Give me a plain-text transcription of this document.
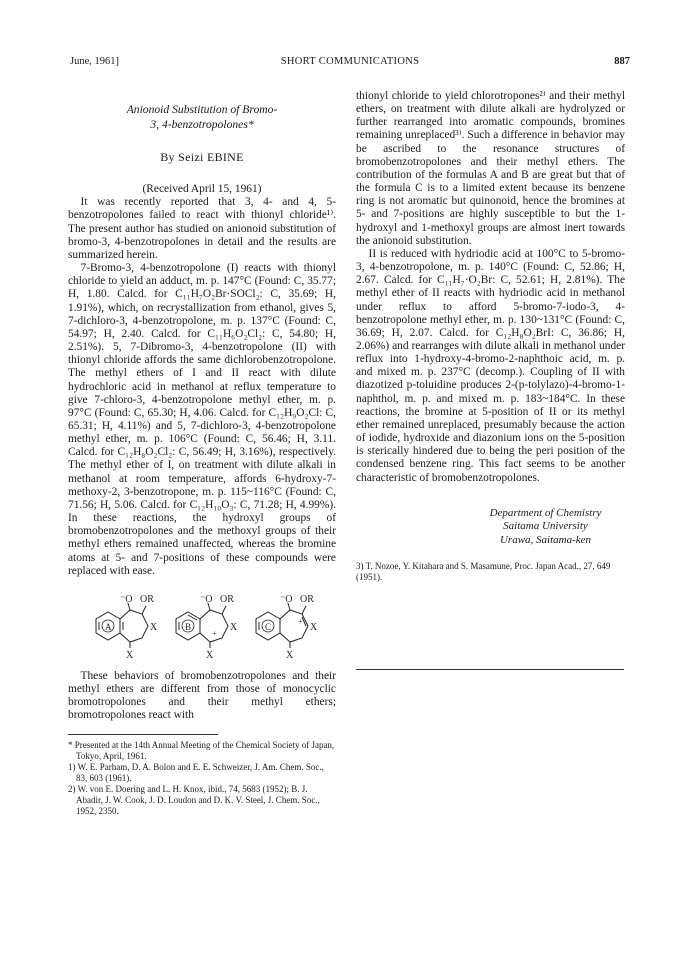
June, 1961]	SHORT COMMUNICATIONS	887
Anionoid Substitution of Bromo-
3, 4-benzotropolones*
By Seizi EBINE
(Received April 15, 1961)

It was recently reported that 3, 4- and 4, 5-benzotropolones failed to react with thionyl chloride¹⁾. The present author has studied on anionoid substitution of bromo-3, 4-benzotropolones in detail and the results are summarized herein.

7-Bromo-3, 4-benzotropolone (I) reacts with thionyl chloride to yield an adduct, m. p. 147°C (Found: C, 35.77; H, 1.80. Calcd. for C₁₁H₇O₂Br·SOCl₂: C, 35.69; H, 1.91%), which, on recrystallization from ethanol, gives 5, 7-dichloro-3, 4-benzotropolone, m. p. 137°C (Found: C, 54.97; H, 2.40. Calcd. for C₁₁H₆O₂Cl₂: C, 54.80; H, 2.51%). 5, 7-Dibromo-3, 4-benzotropolone (II) with thionyl chloride affords the same dichlorobenzotropolone. The methyl ethers of I and II react with dilute hydrochloric acid in methanol at reflux temperature to give 7-chloro-3, 4-benzotropolone methyl ether, m. p. 97°C (Found: C, 65.30; H, 4.06. Calcd. for C₁₂H₉O₂Cl: C, 65.31; H, 4.11%) and 5, 7-dichloro-3, 4-benzotropolone methyl ether, m. p. 106°C (Found: C, 56.46; H, 3.11. Calcd. for C₁₂H₈O₂Cl₂: C, 56.49; H, 3.16%), respectively. The methyl ether of I, on treatment with dilute alkali in methanol at room temperature, affords 6-hydroxy-7-methoxy-2, 3-benzotropone, m. p. 115~116°C (Found: C, 71.56; H, 5.06. Calcd. for C₁₂H₁₀O₃: C, 71.28; H, 4.99%). In these reactions, the hydroxyl groups of bromobenzotropolones and the methoxyl groups of their methyl ethers remained unaffected, whereas the bromine atoms at 5- and 7-positions of these compounds were replaced with ease.

A
⁻O OR
X
X
B
+
⁻O OR
X
X
C
+
⁻O OR
X
X

These behaviors of bromobenzotropolones and their methyl ethers are different from those of monocyclic bromotropolones and their methyl ethers; bromotropolones react with

* Presented at the 14th Annual Meeting of the Chemical Society of Japan, Tokyo, April, 1961.

1) W. E. Parham, D. A. Bolon and E. E. Schweizer, J. Am. Chem. Soc., 83, 603 (1961).

2) W. von E. Doering and L. H. Knox, ibid., 74, 5683 (1952); B. J. Abadir, J. W. Cook, J. D. Loudon and D. K. V. Steel, J. Chem. Soc., 1952, 2350.

thionyl chloride to yield chlorotropones²⁾ and their methyl ethers, on treatment with dilute alkali are hydrolyzed or further rearranged into aromatic compounds, bromines remaining unreplaced³⁾. Such a difference in behavior may be ascribed to the resonance structures of bromobenzotropolones and their methyl ethers. The contribution of the formulas A and B are great but that of the formula C is to a limited extent because its benzene ring is not aromatic but quinonoid, hence the bromines at 5- and 7-positions are highly susceptible to but the 1-hydroxyl and 1-methoxyl groups are almost inert towards the anionoid substitution.

II is reduced with hydriodic acid at 100°C to 5-bromo-3, 4-benzotropolone, m. p. 140°C (Found: C, 52.86; H, 2.67. Calcd. for C₁₁H₇·O₂Br: C, 52.61; H, 2.81%). The methyl ether of II reacts with hydriodic acid in methanol under reflux to afford 5-bromo-7-iodo-3, 4-benzotropolone methyl ether, m. p. 130~131°C (Found: C, 36.69; H, 2.07. Calcd. for C₁₂H₈O₂BrI: C, 36.86; H, 2.06%) and rearranges with dilute alkali in methanol under reflux into 1-hydroxy-4-bromo-2-naphthoic acid, m. p. and mixed m. p. 237°C (decomp.). Coupling of II with diazotized p-toluidine produces 2-(p-tolylazo)-4-bromo-1-naphthol, m. p. and mixed m. p. 183~184°C. In these reactions, the bromine at 5-position of II or its methyl ether remained unreplaced, presumably because the action of iodide, hydroxide and diazonium ions on the 5-position is sterically hindered due to being the peri position of the condensed benzene ring. This fact seems to be another characteristic of bromobenzotropolones.

Department of Chemistry
Saitama University
Urawa, Saitama-ken
3) T. Nozoe, Y. Kitahara and S. Masamune, Proc. Japan Acad., 27, 649 (1951).
